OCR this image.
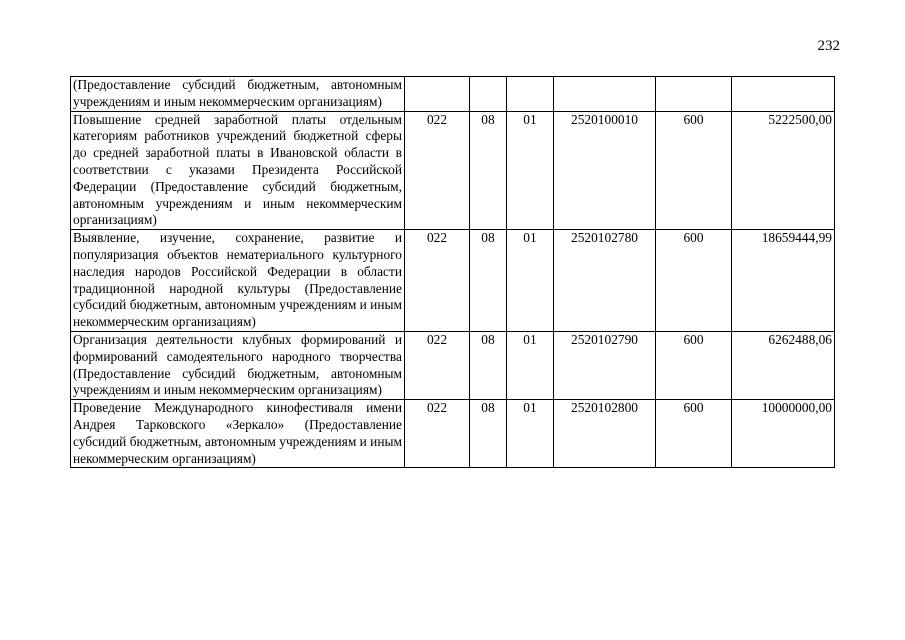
232
(Предоставление субсидий бюджетным, автономным учреждениям и иным некоммерческим организациям)						
Повышение средней заработной платы отдельным категориям работников учреждений бюджетной сферы до средней заработной платы в Ивановской области в соответствии с указами Президента Российской Федерации (Предоставление субсидий бюджетным, автономным учреждениям и иным некоммерческим организациям)	022	08	01	2520100010	600	5222500,00
Выявление, изучение, сохранение, развитие и популяризация объектов нематериального культурного наследия народов Российской Федерации в области традиционной народной культуры (Предоставление субсидий бюджетным, автономным учреждениям и иным некоммерческим организациям)	022	08	01	2520102780	600	18659444,99
Организация деятельности клубных формирований и формирований самодеятельного народного творчества (Предоставление субсидий бюджетным, автономным учреждениям и иным некоммерческим организациям)	022	08	01	2520102790	600	6262488,06
Проведение Международного кинофестиваля имени Андрея Тарковского «Зеркало» (Предоставление субсидий бюджетным, автономным учреждениям и иным некоммерческим организациям)	022	08	01	2520102800	600	10000000,00
